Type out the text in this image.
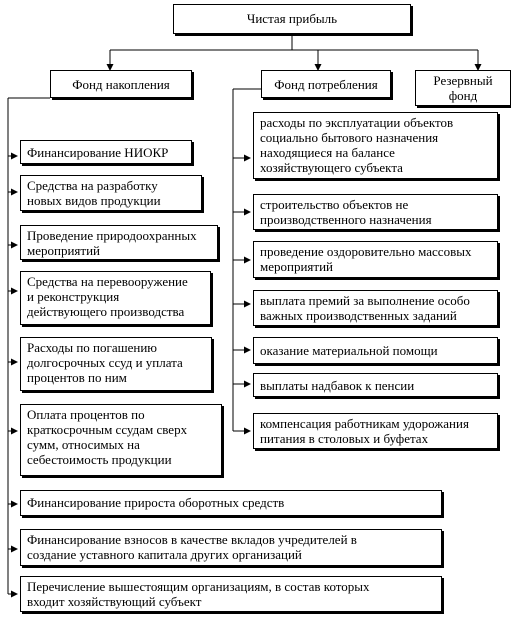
Чистая прибыль
Фонд накопления	Фонд потребления	Резервный
фонд
Финансирование НИОКР
Средства на разработку
новых видов продукции
Проведение природоохранных
мероприятий
Средства на перевооружение
и реконструкция
действующего производства
Расходы по погашению
долгосрочных ссуд и уплата
процентов по ним
Оплата процентов по
краткосрочным ссудам сверх
сумм, относимых на
себестоимость продукции
Финансирование прироста оборотных средств
Финансирование взносов в качестве вкладов учредителей в
создание уставного капитала других организаций
Перечисление вышестоящим организациям, в состав которых
входит хозяйствующий субъект
расходы по эксплуатации объектов
социально бытового назначения
находящиеся на балансе
хозяйствующего субъекта
строительство объектов не
производственного назначения
проведение оздоровительно массовых
мероприятий
выплата премий за выполнение особо
важных производственных заданий
оказание материальной помощи
выплаты надбавок к пенсии
компенсация работникам удорожания
питания в столовых и буфетах
